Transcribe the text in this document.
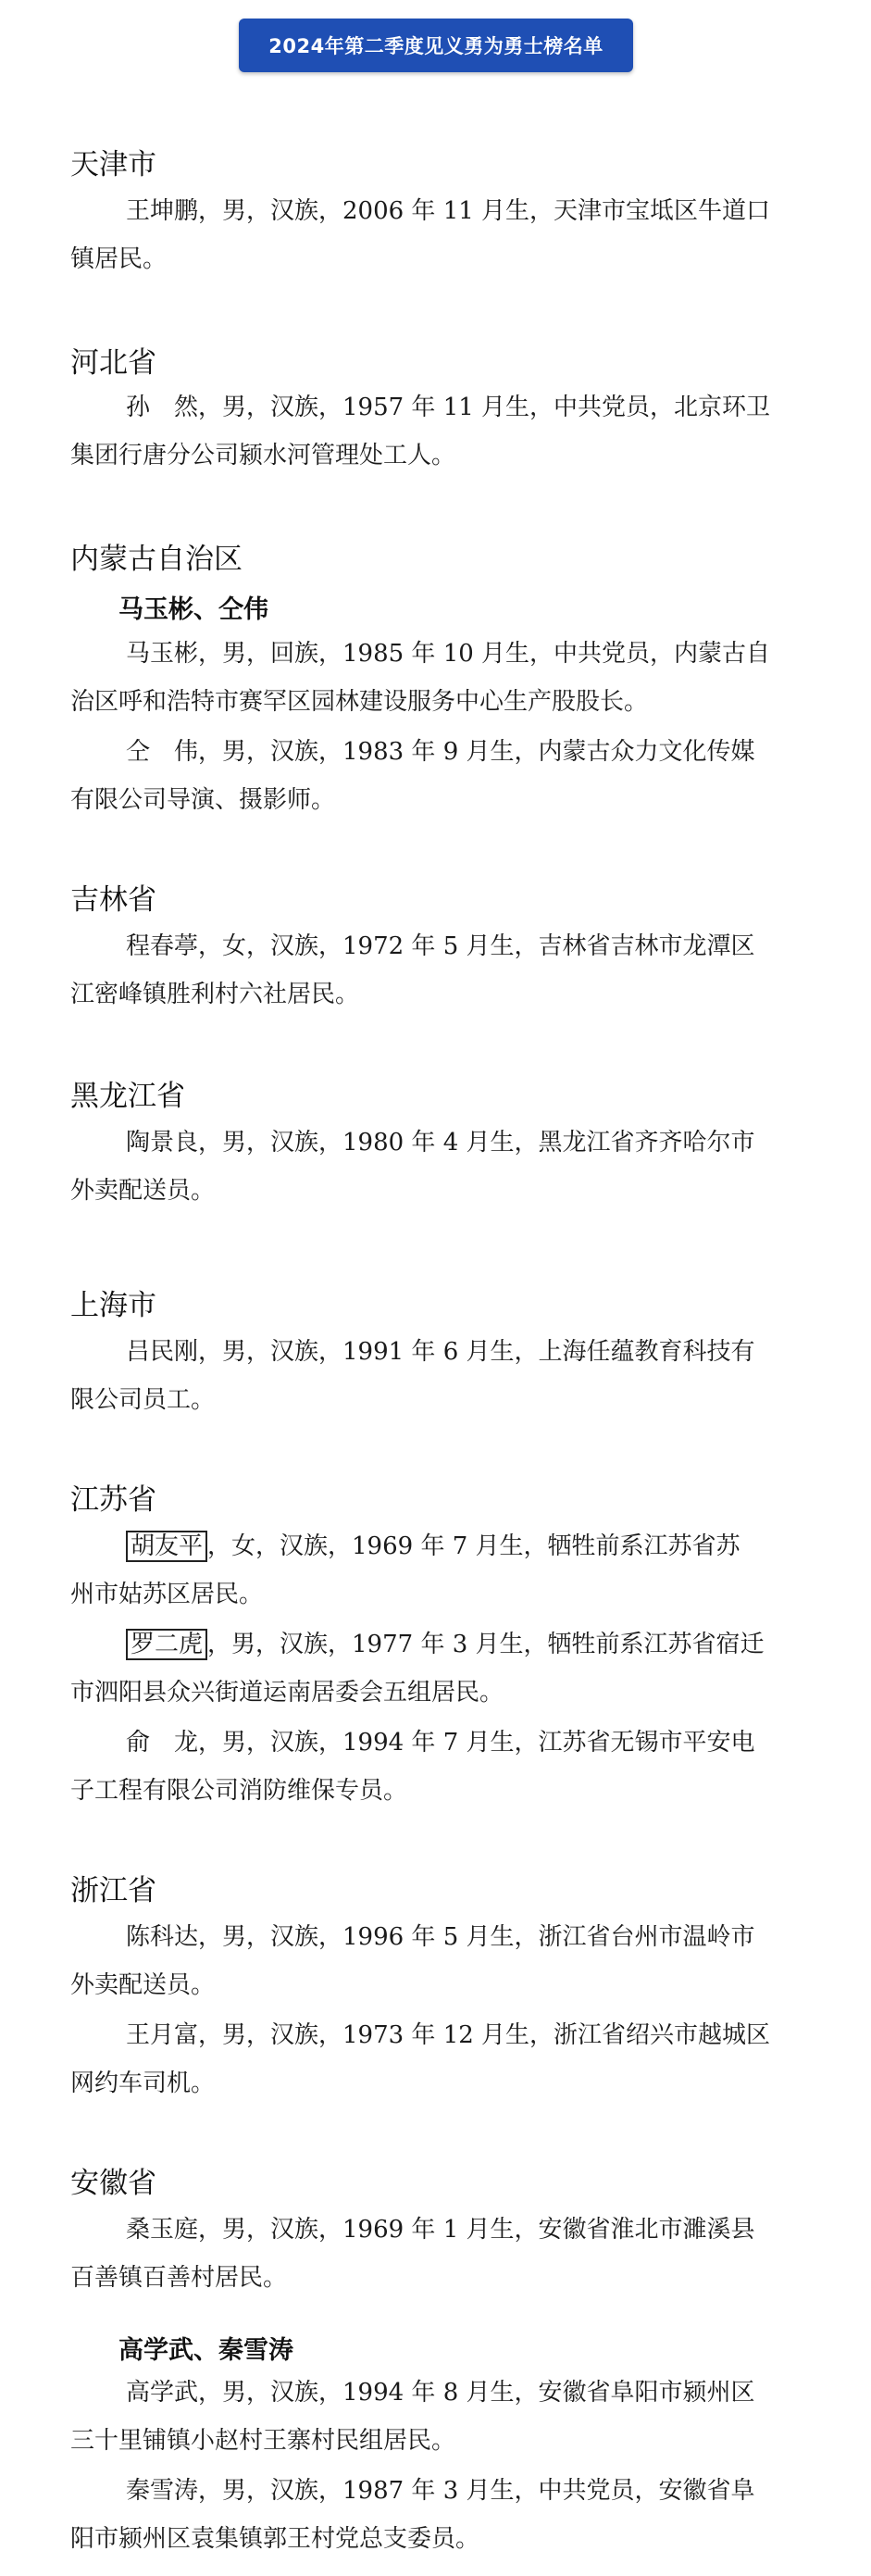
2024年第二季度见义勇为勇士榜名单
天津市
王坤鹏，男，汉族，2006 年 11 月生，天津市宝坻区牛道口
镇居民。
河北省
孙　然，男，汉族，1957 年 11 月生，中共党员，北京环卫
集团行唐分公司颍水河管理处工人。
内蒙古自治区
马玉彬、仝伟
马玉彬，男，回族，1985 年 10 月生，中共党员，内蒙古自
治区呼和浩特市赛罕区园林建设服务中心生产股股长。
仝　伟，男，汉族，1983 年 9 月生，内蒙古众力文化传媒
有限公司导演、摄影师。
吉林省
程春葶，女，汉族，1972 年 5 月生，吉林省吉林市龙潭区
江密峰镇胜利村六社居民。
黑龙江省
陶景良，男，汉族，1980 年 4 月生，黑龙江省齐齐哈尔市
外卖配送员。
上海市
吕民刚，男，汉族，1991 年 6 月生，上海任蕴教育科技有
限公司员工。
江苏省
胡友平 ，女，汉族，1969 年 7 月生，牺牲前系江苏省苏
州市姑苏区居民。
罗二虎 ，男，汉族，1977 年 3 月生，牺牲前系江苏省宿迁
市泗阳县众兴街道运南居委会五组居民。
俞　龙，男，汉族，1994 年 7 月生，江苏省无锡市平安电
子工程有限公司消防维保专员。
浙江省
陈科达，男，汉族，1996 年 5 月生，浙江省台州市温岭市
外卖配送员。
王月富，男，汉族，1973 年 12 月生，浙江省绍兴市越城区
网约车司机。
安徽省
桑玉庭，男，汉族，1969 年 1 月生，安徽省淮北市濉溪县
百善镇百善村居民。
高学武、秦雪涛
高学武，男，汉族，1994 年 8 月生，安徽省阜阳市颍州区
三十里铺镇小赵村王寨村民组居民。
秦雪涛，男，汉族，1987 年 3 月生，中共党员，安徽省阜
阳市颍州区袁集镇郭王村党总支委员。
